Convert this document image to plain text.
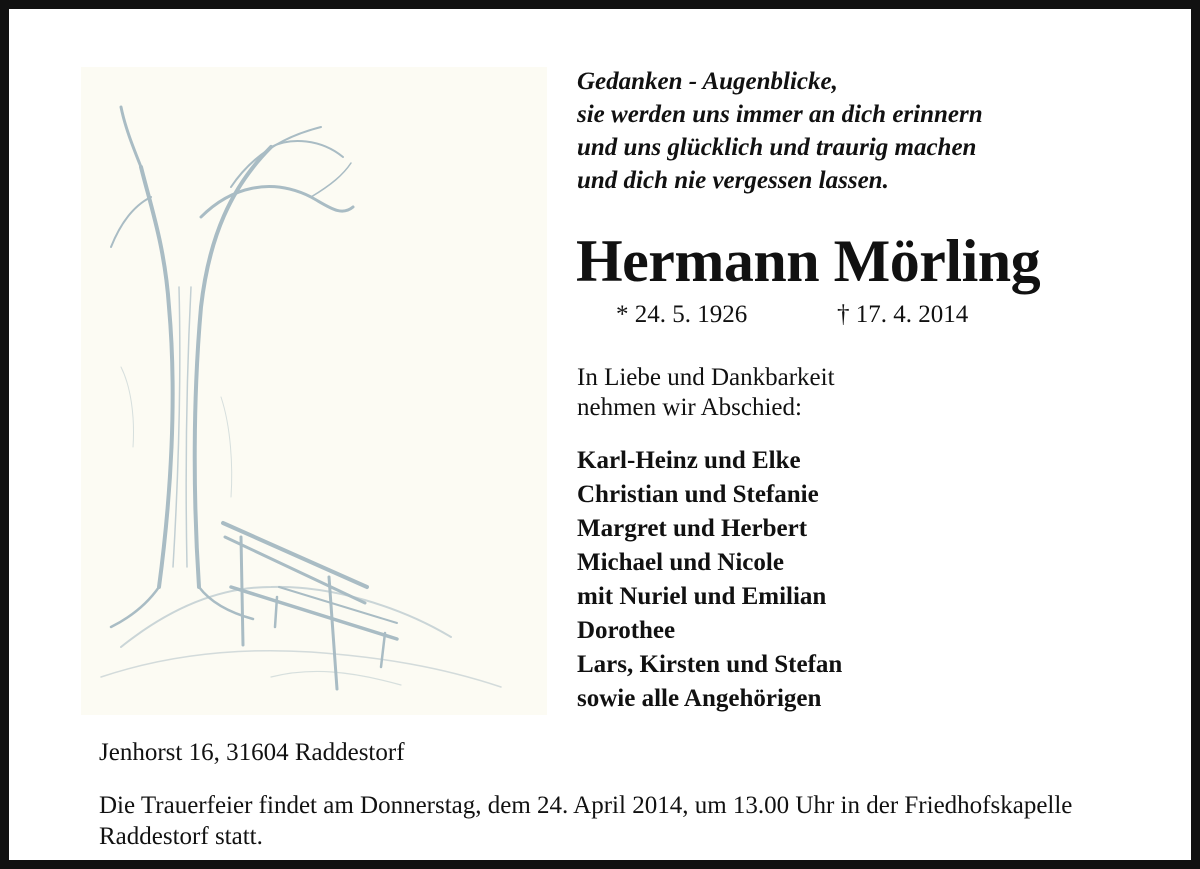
Gedanken - Augenblicke,
sie werden uns immer an dich erinnern
und uns glücklich und traurig machen
und dich nie vergessen lassen.

Hermann Mörling
* 24. 5. 1926	† 17. 4. 2014

In Liebe und Dankbarkeit
nehmen wir Abschied:

Karl-Heinz und Elke
Christian und Stefanie
Margret und Herbert
Michael und Nicole
mit Nuriel und Emilian
Dorothee
Lars, Kirsten und Stefan
sowie alle Angehörigen
Jenhorst 16, 31604 Raddestorf

Die Trauerfeier findet am Donnerstag, dem 24. April 2014, um 13.00 Uhr in der Friedhofskapelle Raddestorf statt.
